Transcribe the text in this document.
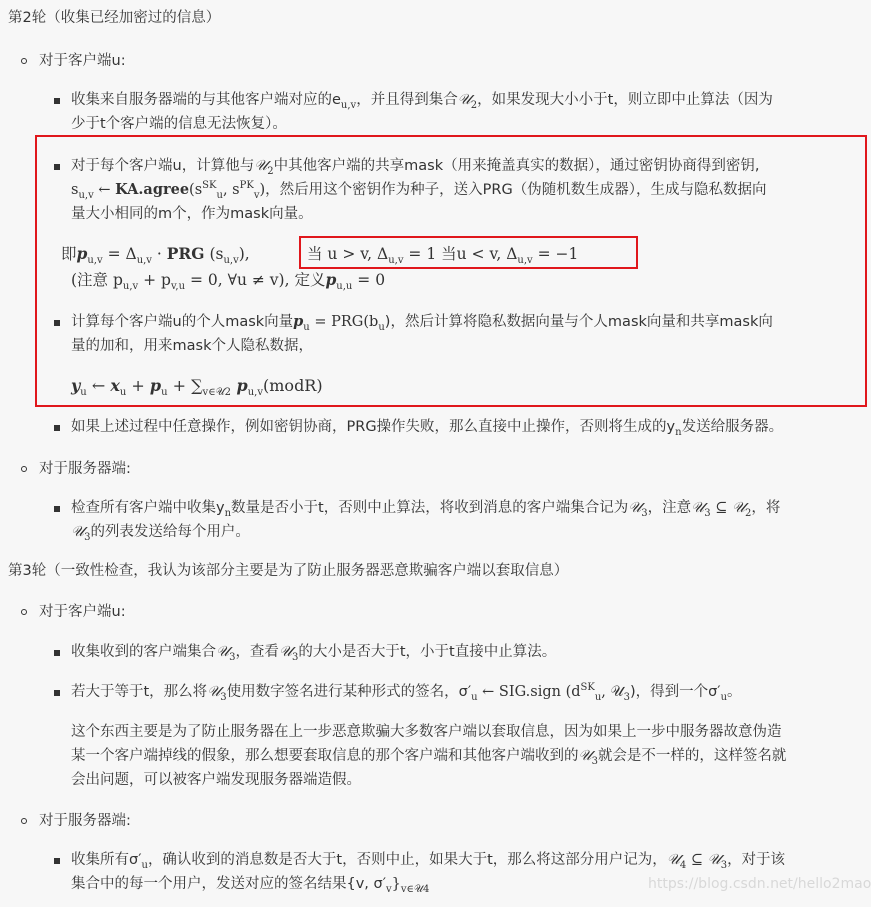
第2轮（收集已经加密过的信息）
对于客户端u:
收集来自服务器端的与其他客户端对应的$e_{u,v}$，并且得到集合𝒰$_2$，如果发现大小小于t，则立即中止算法（因为
少于t个客户端的信息无法恢复）。
对于每个客户端u，计算他与𝒰$_2$中其他客户端的共享mask（用来掩盖真实的数据），通过密钥协商得到密钥,
$s_{u,v}$ ← $KA.agree(s^{SK}_u$, $s^{PK}_v$)，然后用这个密钥作为种子，送入PRG（伪随机数生成器），生成与隐私数据向
量大小相同的m个，作为mask向量。
即$p_{u,v} = \Delta_{u,v}$ · PRG $(s_{u,v})$,	当 u > v, $\Delta_{u,v} = 1$ 当u < v, $\Delta_{u,v} = -1$
(注意 $p_{u,v} + p_{v,u} = 0$, ∀u ≠ v), 定义$p_{u,u} = 0$
计算每个客户端u的个人mask向量$p_u = PRG(b_u)$，然后计算将隐私数据向量与个人mask向量和共享mask向
量的加和，用来mask个人隐私数据，
$y_u$ ← $x_u + p_u + \sum_{v\in 𝒰2}$ $p_{u,v}(modR)$
如果上述过程中任意操作，例如密钥协商，PRG操作失败，那么直接中止操作，否则将生成的$y_n$发送给服务器。
对于服务器端:
检查所有客户端中收集$y_n$数量是否小于t，否则中止算法，将收到消息的客户端集合记为𝒰$_3$，注意𝒰$_3$ ⊆ 𝒰$_2$，将
𝒰$_3$的列表发送给每个用户。
第3轮（一致性检查，我认为该部分主要是为了防止服务器恶意欺骗客户端以套取信息）
对于客户端u:
收集收到的客户端集合𝒰$_3$，查看𝒰$_3$的大小是否大于t，小于t直接中止算法。
若大于等于t，那么将𝒰$_3$使用数字签名进行某种形式的签名，$\sigma'_u$ ← SIG.sign ($d^{SK}_u$, 𝒰$_3$)，得到一个$\sigma'_u$。
这个东西主要是为了防止服务器在上一步恶意欺骗大多数客户端以套取信息，因为如果上一步中服务器故意伪造
某一个客户端掉线的假象，那么想要套取信息的那个客户端和其他客户端收到的𝒰$_3$就会是不一样的，这样签名就
会出问题，可以被客户端发现服务器端造假。
对于服务器端:
收集所有$\sigma'_u$，确认收到的消息数是否大于t，否则中止，如果大于t，那么将这部分用户记为，𝒰$_4$ ⊆ 𝒰$_3$，对于该
集合中的每一个用户，发送对应的签名结果{v, $\sigma'_v\}_{v\in 𝒰4}$	https://blog.csdn.net/hello2mao
